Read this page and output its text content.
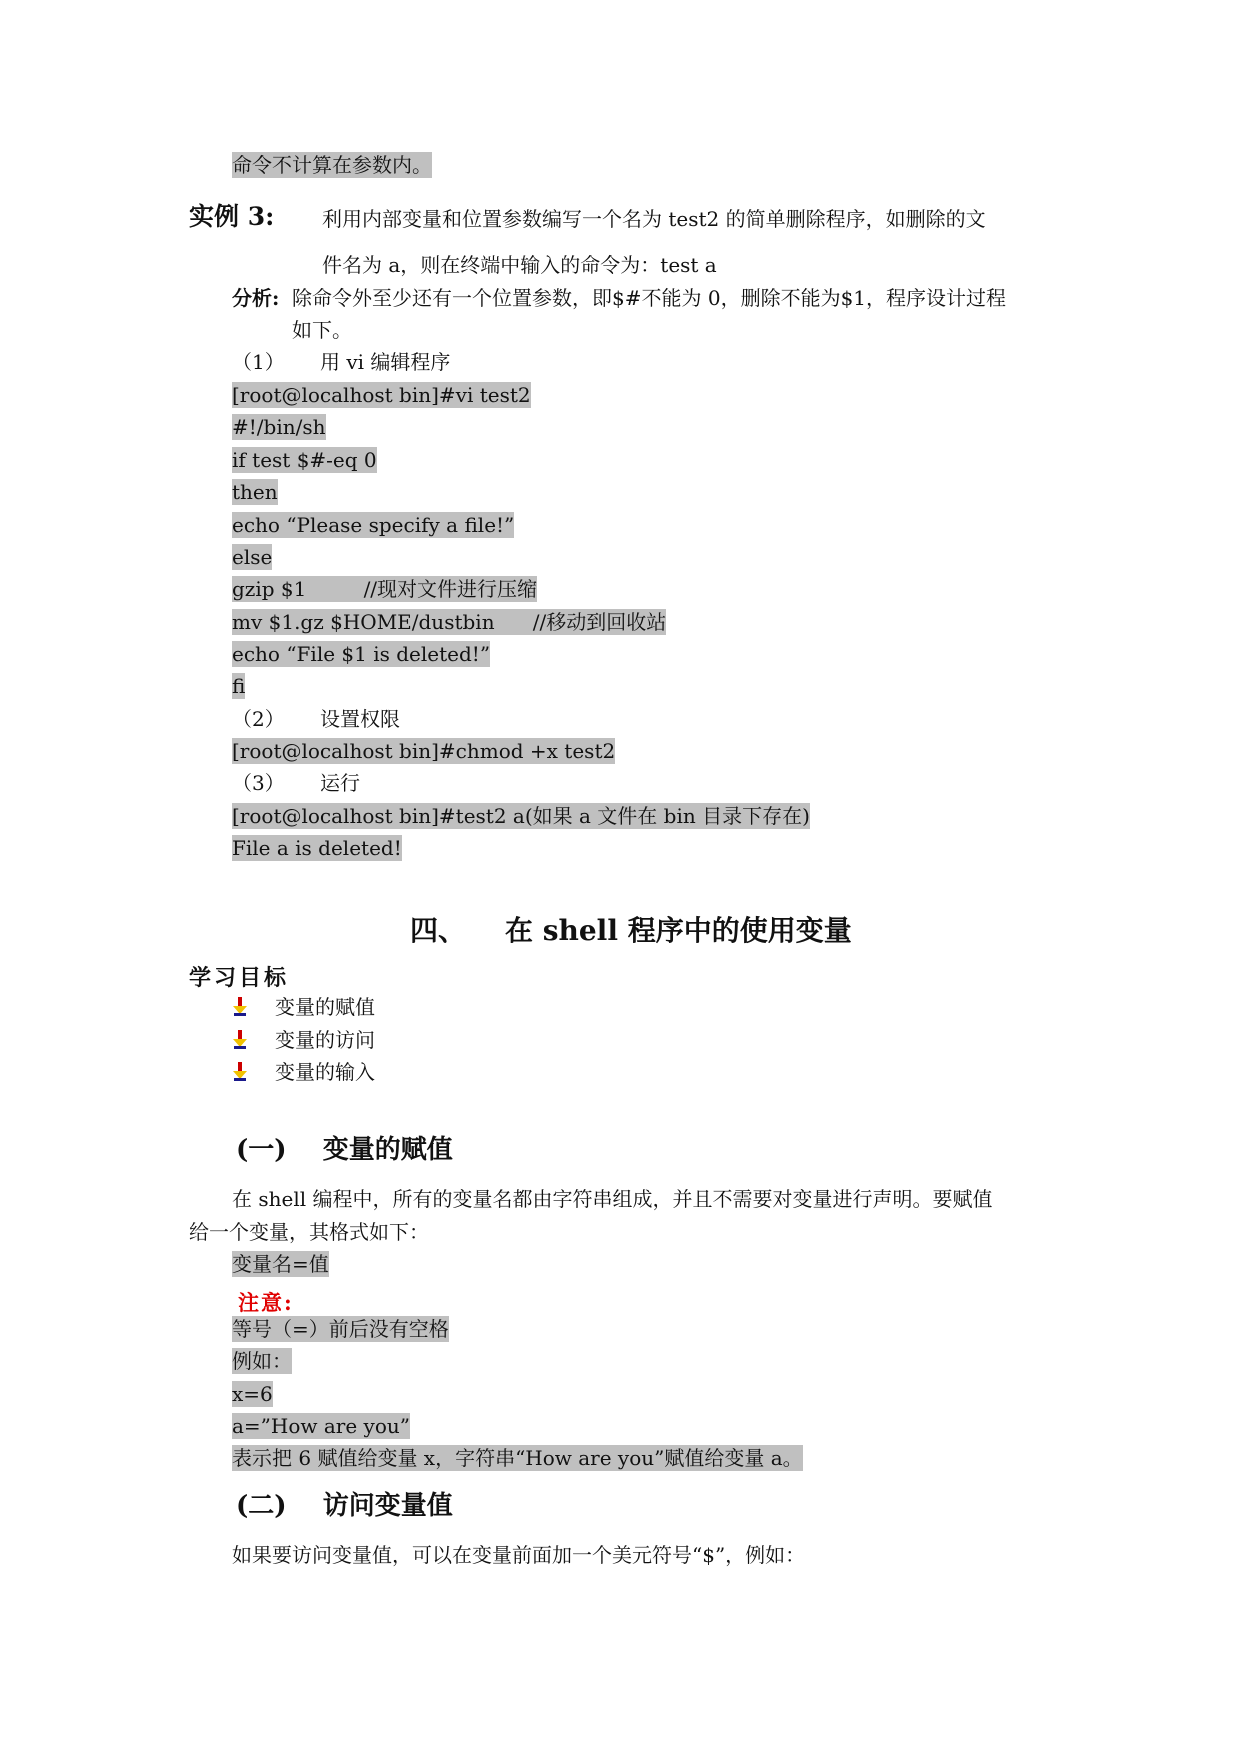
命令不计算在参数内。
实例 3: 利用内部变量和位置参数编写一个名为 test2 的简单删除程序，如删除的文
件名为 a，则在终端中输入的命令为：test a
分析: 除命令外至少还有一个位置参数，即$#不能为 0，删除不能为$1，程序设计过程
如下。
（1） 用 vi 编辑程序
[root@localhost bin]#vi test2
#!/bin/sh
if test $#-eq 0
then
echo “Please specify a file!”
else
gzip $1         //现对文件进行压缩
mv $1.gz $HOME/dustbin      //移动到回收站
echo “File $1 is deleted!”
fi
（2） 设置权限
[root@localhost bin]#chmod +x test2
（3） 运行
[root@localhost bin]#test2 a(如果 a 文件在 bin 目录下存在)
File a is deleted!
四、    在 shell 程序中的使用变量
学习目标
变量的赋值
变量的访问
变量的输入
(一)    变量的赋值
在 shell 编程中，所有的变量名都由字符串组成，并且不需要对变量进行声明。要赋值
给一个变量，其格式如下：
变量名=值
注意:
等号（=）前后没有空格
例如：
x=6
a=”How are you”
表示把 6 赋值给变量 x，字符串“How are you”赋值给变量 a。
(二)    访问变量值
如果要访问变量值，可以在变量前面加一个美元符号“$”，例如：
